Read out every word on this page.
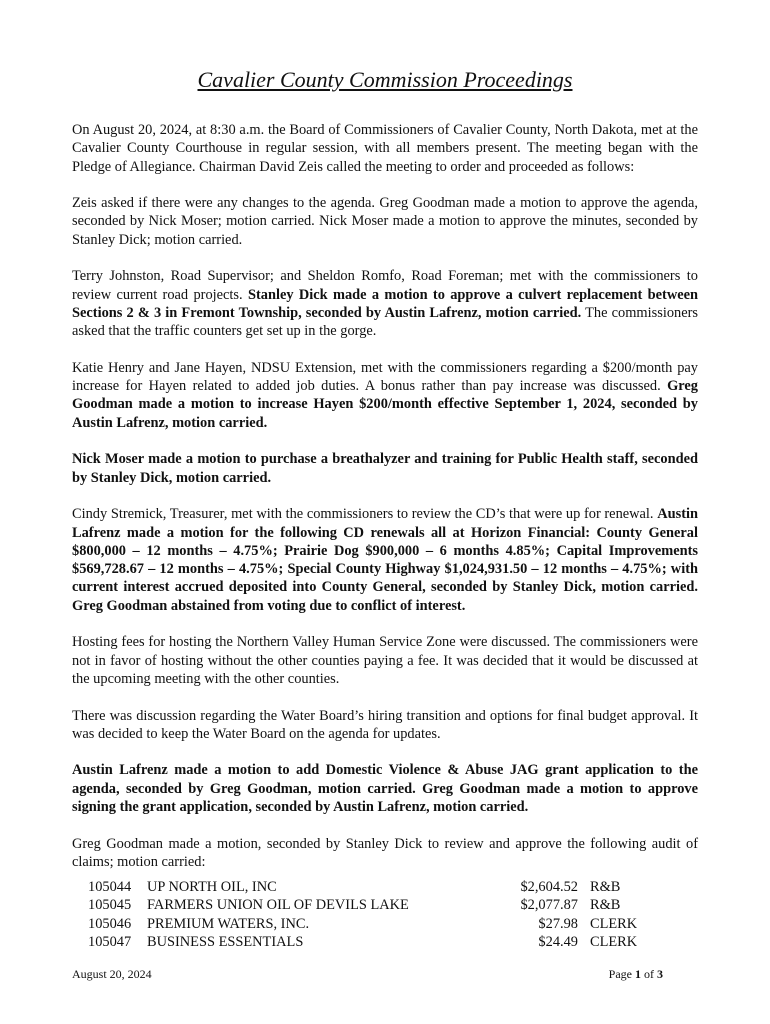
Cavalier County Commission Proceedings

On August 20, 2024, at 8:30 a.m. the Board of Commissioners of Cavalier County, North Dakota, met at the Cavalier County Courthouse in regular session, with all members present. The meeting began with the Pledge of Allegiance. Chairman David Zeis called the meeting to order and proceeded as follows:

Zeis asked if there were any changes to the agenda. Greg Goodman made a motion to approve the agenda, seconded by Nick Moser; motion carried. Nick Moser made a motion to approve the minutes, seconded by Stanley Dick; motion carried.

Terry Johnston, Road Supervisor; and Sheldon Romfo, Road Foreman; met with the commissioners to review current road projects. Stanley Dick made a motion to approve a culvert replacement between Sections 2 & 3 in Fremont Township, seconded by Austin Lafrenz, motion carried. The commissioners asked that the traffic counters get set up in the gorge.

Katie Henry and Jane Hayen, NDSU Extension, met with the commissioners regarding a $200/month pay increase for Hayen related to added job duties. A bonus rather than pay increase was discussed. Greg Goodman made a motion to increase Hayen $200/month effective September 1, 2024, seconded by Austin Lafrenz, motion carried.

Nick Moser made a motion to purchase a breathalyzer and training for Public Health staff, seconded by Stanley Dick, motion carried.

Cindy Stremick, Treasurer, met with the commissioners to review the CD’s that were up for renewal. Austin Lafrenz made a motion for the following CD renewals all at Horizon Financial: County General $800,000 – 12 months – 4.75%; Prairie Dog $900,000 – 6 months 4.85%; Capital Improvements $569,728.67 – 12 months – 4.75%; Special County Highway $1,024,931.50 – 12 months – 4.75%; with current interest accrued deposited into County General, seconded by Stanley Dick, motion carried. Greg Goodman abstained from voting due to conflict of interest.

Hosting fees for hosting the Northern Valley Human Service Zone were discussed. The commissioners were not in favor of hosting without the other counties paying a fee. It was decided that it would be discussed at the upcoming meeting with the other counties.

There was discussion regarding the Water Board’s hiring transition and options for final budget approval. It was decided to keep the Water Board on the agenda for updates.

Austin Lafrenz made a motion to add Domestic Violence & Abuse JAG grant application to the agenda, seconded by Greg Goodman, motion carried. Greg Goodman made a motion to approve signing the grant application, seconded by Austin Lafrenz, motion carried.

Greg Goodman made a motion, seconded by Stanley Dick to review and approve the following audit of claims; motion carried:

105044	UP NORTH OIL, INC	$2,604.52	R&B
105045	FARMERS UNION OIL OF DEVILS LAKE	$2,077.87	R&B
105046	PREMIUM WATERS, INC.	$27.98	CLERK
105047	BUSINESS ESSENTIALS	$24.49	CLERK
August 20, 2024	Page 1 of 3
